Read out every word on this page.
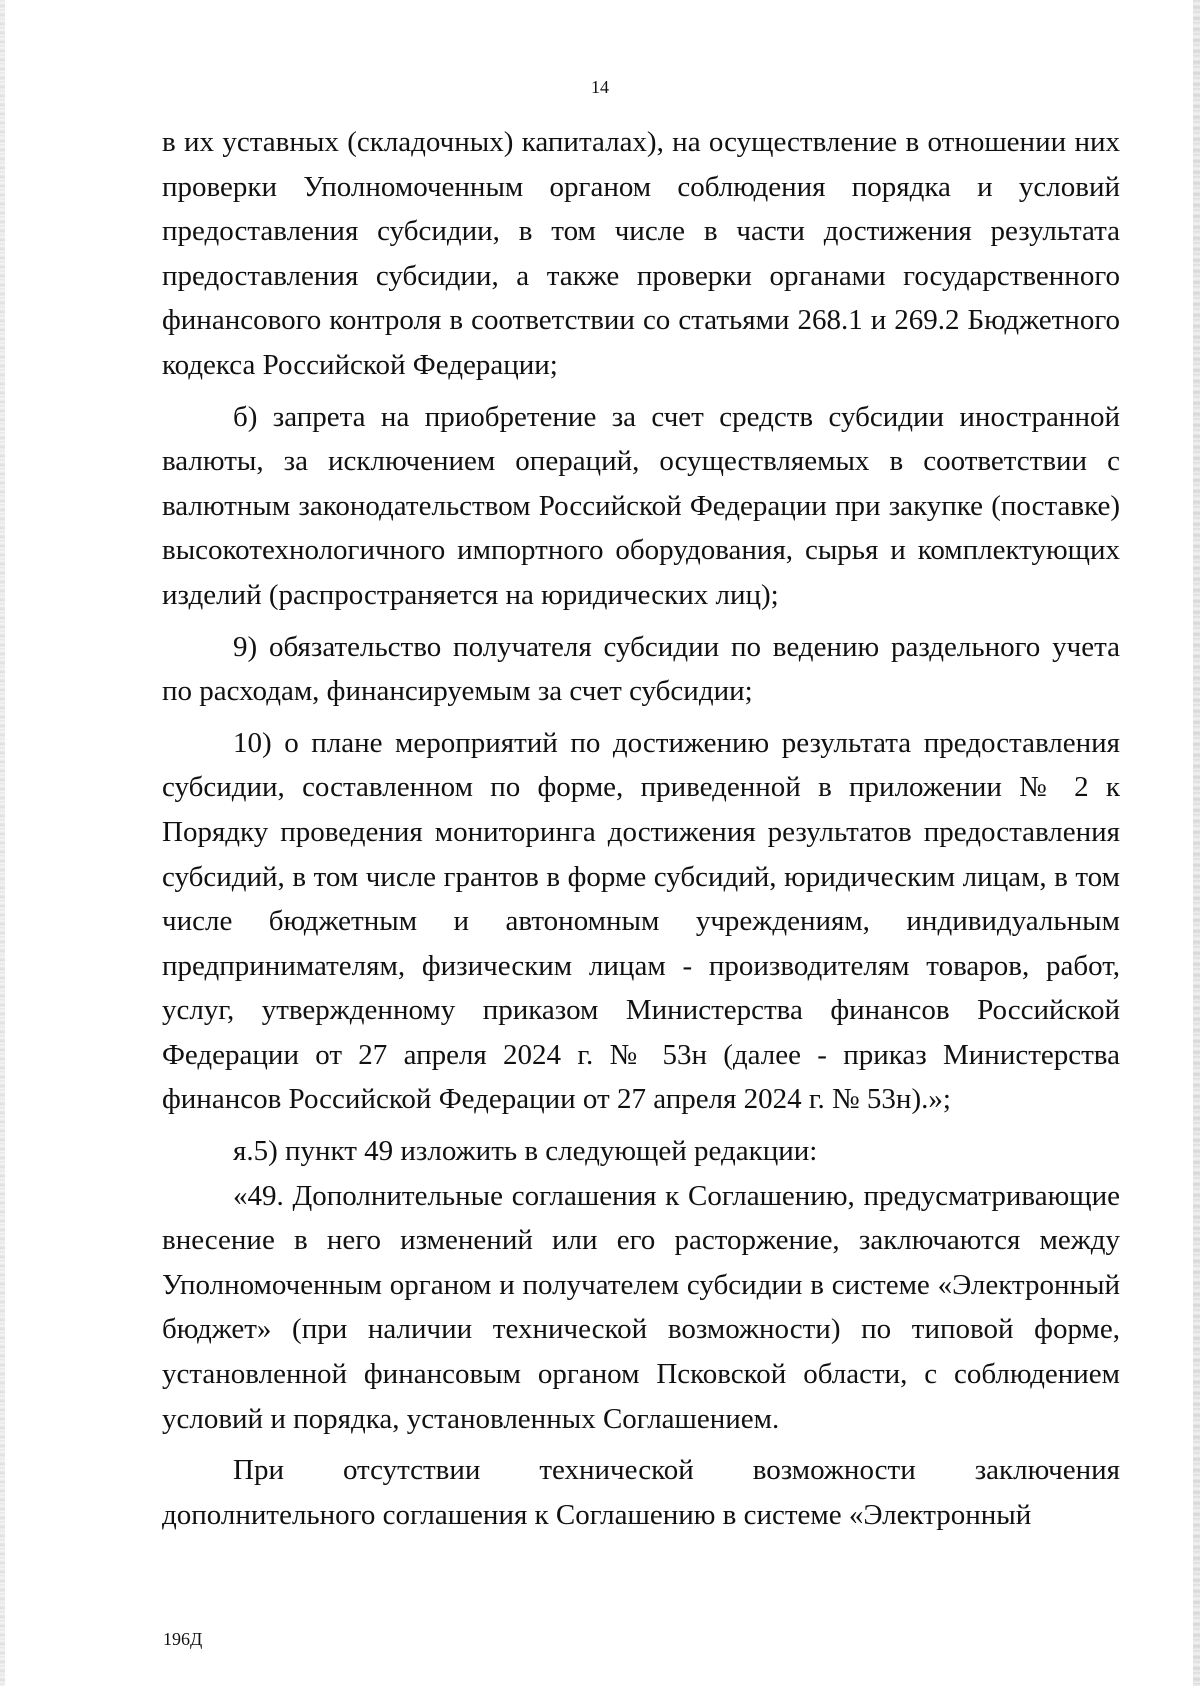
14

в их уставных (складочных) капиталах), на осуществление в отношении них проверки Уполномоченным органом соблюдения порядка и условий предоставления субсидии, в том числе в части достижения результата предоставления субсидии, а также проверки органами государственного финансового контроля в соответствии со статьями 268.1 и 269.2 Бюджетного кодекса Российской Федерации;

б) запрета на приобретение за счет средств субсидии иностранной валюты, за исключением операций, осуществляемых в соответствии с валютным законодательством Российской Федерации при закупке (поставке) высокотехнологичного импортного оборудования, сырья и комплектующих изделий (распространяется на юридических лиц);

9) обязательство получателя субсидии по ведению раздельного учета по расходам, финансируемым за счет субсидии;

10) о плане мероприятий по достижению результата предоставления субсидии, составленном по форме, приведенной в приложении № 2 к Порядку проведения мониторинга достижения результатов предоставления субсидий, в том числе грантов в форме субсидий, юридическим лицам, в том числе бюджетным и автономным учреждениям, индивидуальным предпринимателям, физическим лицам - производителям товаров, работ, услуг, утвержденному приказом Министерства финансов Российской Федерации от 27 апреля 2024 г. № 53н (далее - приказ Министерства финансов Российской Федерации от 27 апреля 2024 г. № 53н).»;

я.5) пункт 49 изложить в следующей редакции:

«49. Дополнительные соглашения к Соглашению, предусматривающие внесение в него изменений или его расторжение, заключаются между Уполномоченным органом и получателем субсидии в системе «Электронный бюджет» (при наличии технической возможности) по типовой форме, установленной финансовым органом Псковской области, с соблюдением условий и порядка, установленных Соглашением.

При отсутствии технической возможности заключения дополнительного соглашения к Соглашению в системе «Электронный

196Д
